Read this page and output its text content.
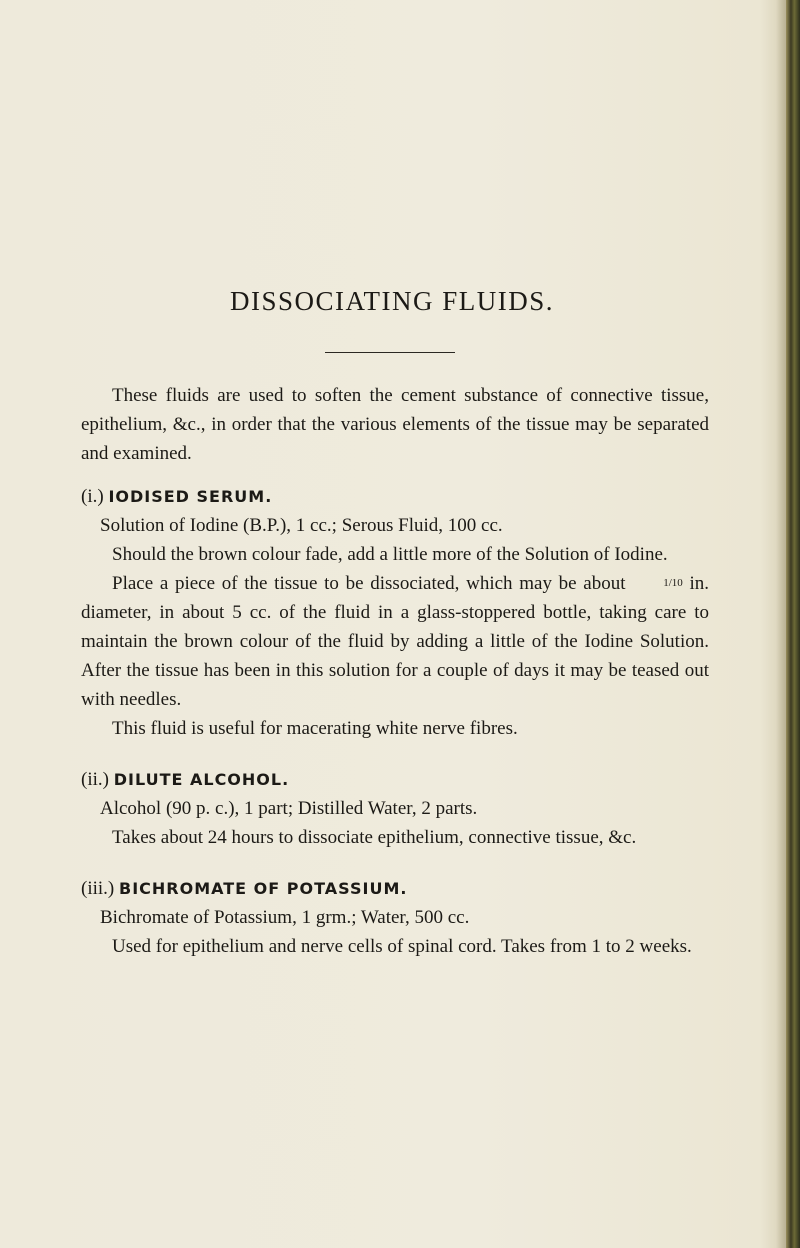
DISSOCIATING FLUIDS.

These fluids are used to soften the cement substance of connective tissue, epithelium, &c., in order that the various elements of the tissue may be separated and examined.

(i.) IODISED SERUM.

Solution of Iodine (B.P.), 1 cc.; Serous Fluid, 100 cc.

Should the brown colour fade, add a little more of the Solution of Iodine.

Place a piece of the tissue to be dissociated, which may be about	1/10 in. diameter, in about 5 cc. of the fluid in a glass-stoppered bottle, taking care to maintain the brown colour of the fluid by adding a little of the Iodine Solution. After the tissue has been in this solution for a couple of days it may be teased out with needles.

This fluid is useful for macerating white nerve fibres.

(ii.) DILUTE ALCOHOL.

Alcohol (90 p. c.), 1 part; Distilled Water, 2 parts.

Takes about 24 hours to dissociate epithelium, connective tissue, &c.

(iii.) BICHROMATE OF POTASSIUM.

Bichromate of Potassium, 1 grm.; Water, 500 cc.

Used for epithelium and nerve cells of spinal cord. Takes from 1 to 2 weeks.
